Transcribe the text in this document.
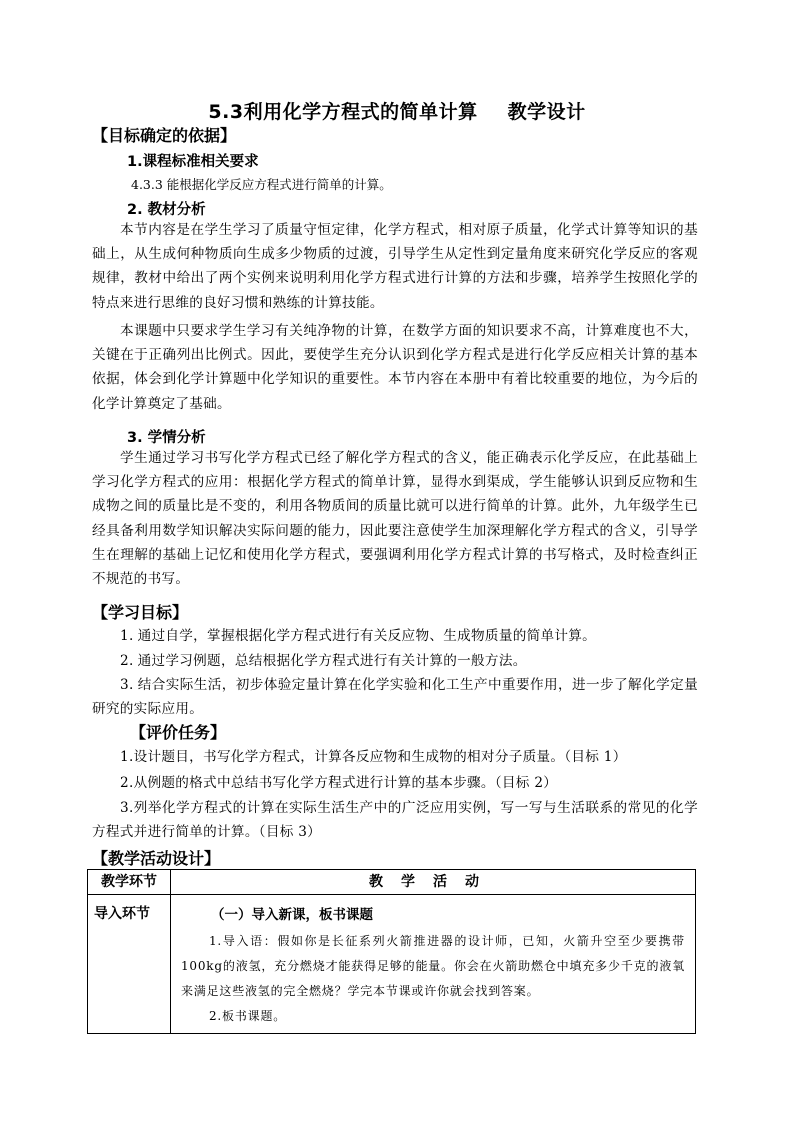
5.3利用化学方程式的简单计算 教学设计
【目标确定的依据】
1.课程标准相关要求
4.3.3 能根据化学反应方程式进行简单的计算。
2. 教材分析
本节内容是在学生学习了质量守恒定律，化学方程式，相对原子质量，化学式计算等知识的基础上，从生成何种物质向生成多少物质的过渡，引导学生从定性到定量角度来研究化学反应的客观规律，教材中给出了两个实例来说明利用化学方程式进行计算的方法和步骤，培养学生按照化学的特点来进行思维的良好习惯和熟练的计算技能。
本课题中只要求学生学习有关纯净物的计算，在数学方面的知识要求不高，计算难度也不大，关键在于正确列出比例式。因此，要使学生充分认识到化学方程式是进行化学反应相关计算的基本依据，体会到化学计算题中化学知识的重要性。本节内容在本册中有着比较重要的地位，为今后的化学计算奠定了基础。
3. 学情分析
学生通过学习书写化学方程式已经了解化学方程式的含义，能正确表示化学反应，在此基础上学习化学方程式的应用：根据化学方程式的简单计算，显得水到渠成，学生能够认识到反应物和生成物之间的质量比是不变的，利用各物质间的质量比就可以进行简单的计算。此外，九年级学生已经具备利用数学知识解决实际问题的能力，因此要注意使学生加深理解化学方程式的含义，引导学生在理解的基础上记忆和使用化学方程式，要强调利用化学方程式计算的书写格式，及时检查纠正不规范的书写。
【学习目标】
1. 通过自学，掌握根据化学方程式进行有关反应物、生成物质量的简单计算。
2. 通过学习例题，总结根据化学方程式进行有关计算的一般方法。
3. 结合实际生活，初步体验定量计算在化学实验和化工生产中重要作用，进一步了解化学定量研究的实际应用。
【评价任务】
1.设计题目，书写化学方程式，计算各反应物和生成物的相对分子质量。（目标 1）
2.从例题的格式中总结书写化学方程式进行计算的基本步骤。（目标 2）
3.列举化学方程式的计算在实际生活生产中的广泛应用实例，写一写与生活联系的常见的化学方程式并进行简单的计算。（目标 3）
【教学活动设计】
教学环节	教学活动
导入环节	（一）导入新课，板书课题

1.导入语：假如你是长征系列火箭推进器的设计师，已知，火箭升空至少要携带100kg的液氢，充分燃烧才能获得足够的能量。你会在火箭助燃仓中填充多少千克的液氧来满足这些液氢的完全燃烧？学完本节课或许你就会找到答案。

2.板书课题。
